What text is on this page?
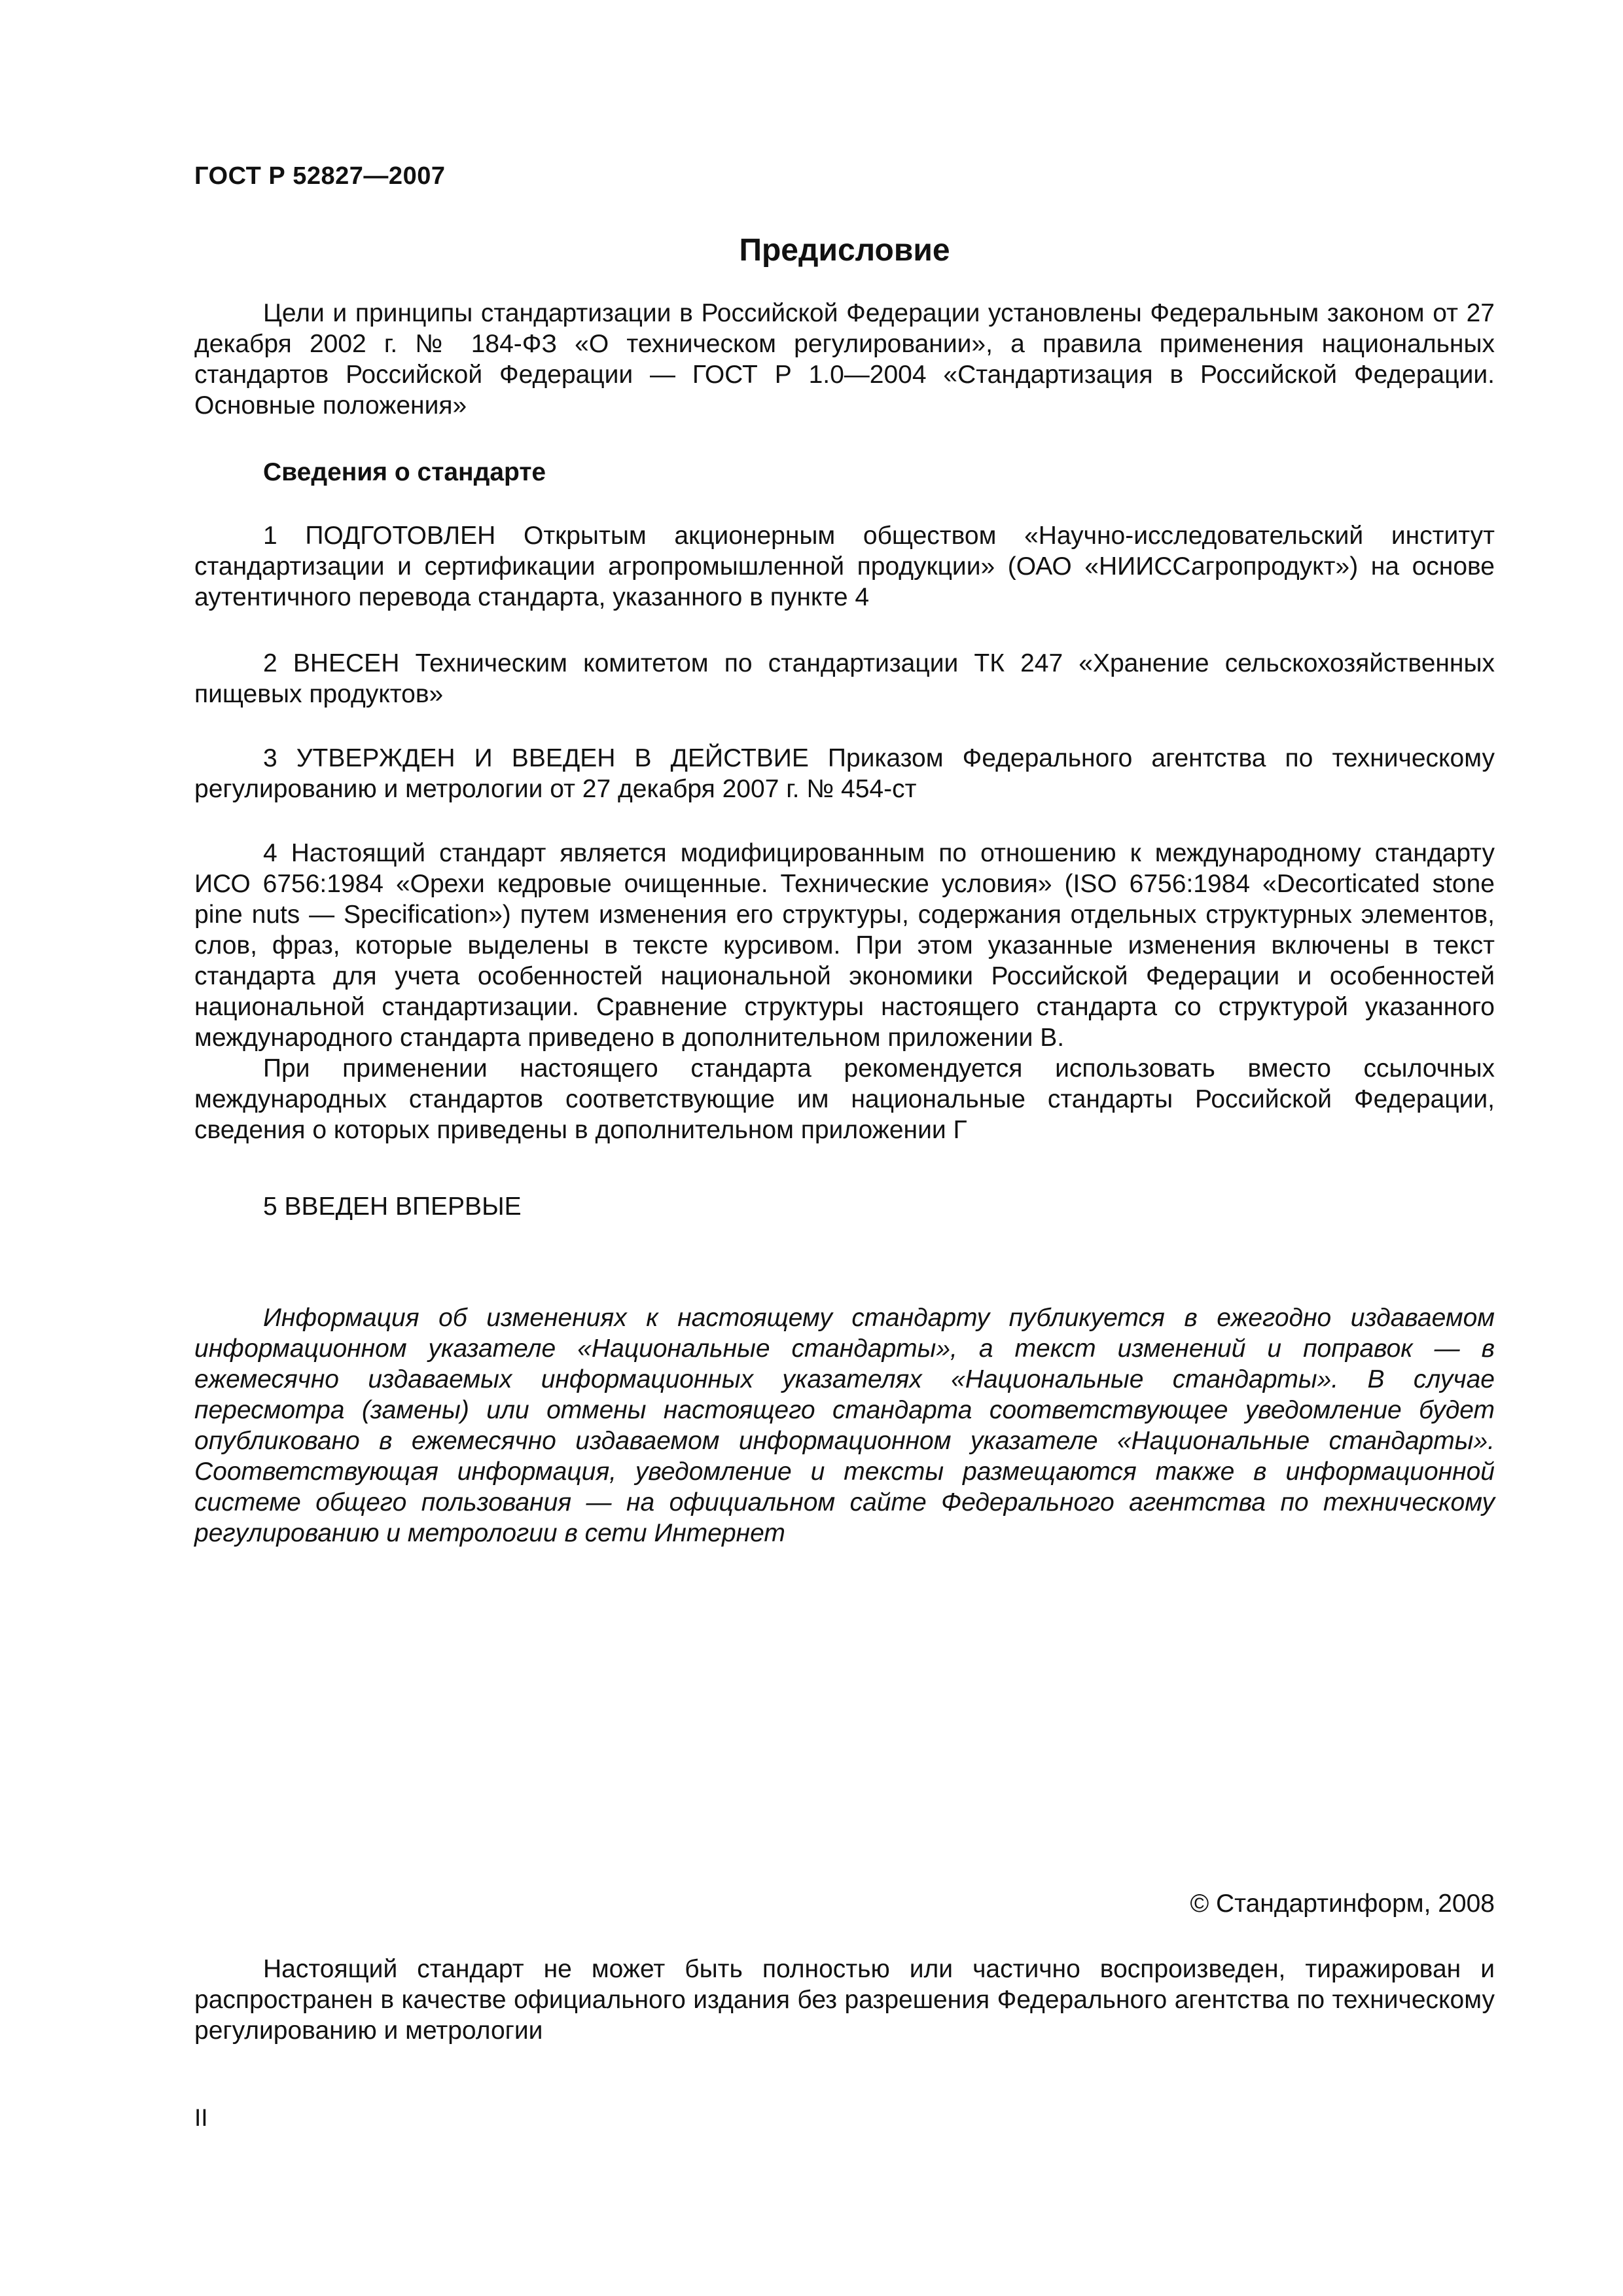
ГОСТ Р 52827—2007
Предисловие

Цели и принципы стандартизации в Российской Федерации установлены Федеральным законом от 27 декабря 2002 г. № 184-ФЗ «О техническом регулировании», а правила применения национальных стандартов Российской Федерации — ГОСТ Р 1.0—2004 «Стандартизация в Российской Федерации. Основные положения»

Сведения о стандарте

1 ПОДГОТОВЛЕН Открытым акционерным обществом «Научно-исследовательский институт стандартизации и сертификации агропромышленной продукции» (ОАО «НИИССагропродукт») на основе аутентичного перевода стандарта, указанного в пункте 4

2 ВНЕСЕН Техническим комитетом по стандартизации ТК 247 «Хранение сельскохозяйственных пищевых продуктов»

3 УТВЕРЖДЕН И ВВЕДЕН В ДЕЙСТВИЕ Приказом Федерального агентства по техническому регулированию и метрологии от 27 декабря 2007 г. № 454-ст

4 Настоящий стандарт является модифицированным по отношению к международному стандарту ИСО 6756:1984 «Орехи кедровые очищенные. Технические условия» (ISO 6756:1984 «Decorticated stone pine nuts — Specification») путем изменения его структуры, содержания отдельных структурных элементов, слов, фраз, которые выделены в тексте курсивом. При этом указанные изменения включены в текст стандарта для учета особенностей национальной экономики Российской Федерации и особенностей национальной стандартизации. Сравнение структуры настоящего стандарта со структурой указанного международного стандарта приведено в дополнительном приложении В.

При применении настоящего стандарта рекомендуется использовать вместо ссылочных международных стандартов соответствующие им национальные стандарты Российской Федерации, сведения о которых приведены в дополнительном приложении Г

5 ВВЕДЕН ВПЕРВЫЕ

Информация об изменениях к настоящему стандарту публикуется в ежегодно издаваемом информационном указателе «Национальные стандарты», а текст изменений и поправок — в ежемесячно издаваемых информационных указателях «Национальные стандарты». В случае пересмотра (замены) или отмены настоящего стандарта соответствующее уведомление будет опубликовано в ежемесячно издаваемом информационном указателе «Национальные стандарты». Соответствующая информация, уведомление и тексты размещаются также в информационной системе общего пользования — на официальном сайте Федерального агентства по техническому регулированию и метрологии в сети Интернет

© Стандартинформ, 2008

Настоящий стандарт не может быть полностью или частично воспроизведен, тиражирован и распространен в качестве официального издания без разрешения Федерального агентства по техническому регулированию и метрологии

II
